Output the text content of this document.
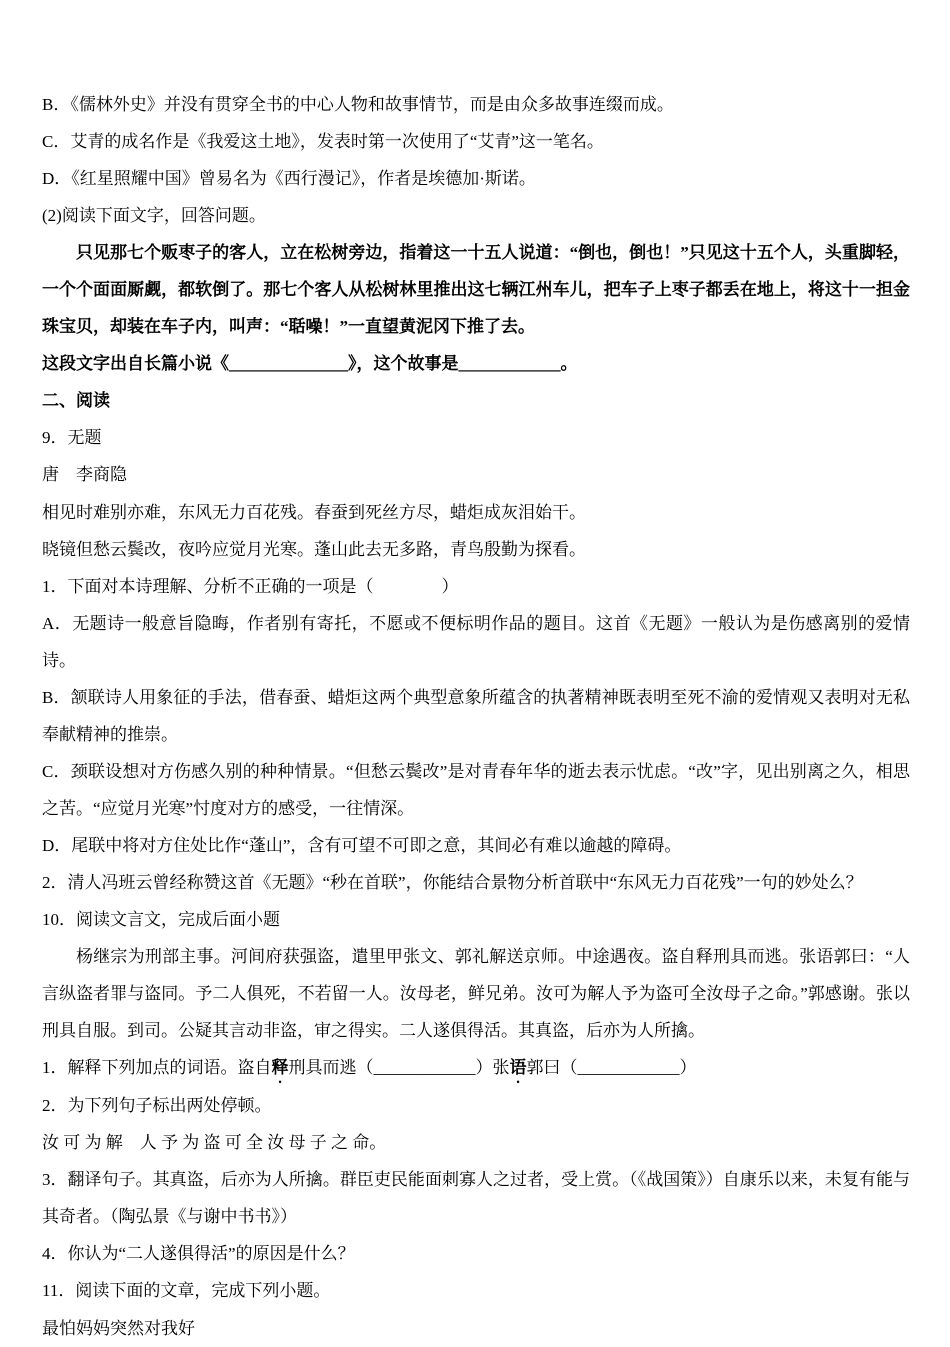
B．《儒林外史》并没有贯穿全书的中心人物和故事情节，而是由众多故事连缀而成。

C．艾青的成名作是《我爱这土地》，发表时第一次使用了“艾青”这一笔名。

D．《红星照耀中国》曾易名为《西行漫记》，作者是埃德加·斯诺。

(2)阅读下面文字，回答问题。

只见那七个贩枣子的客人，立在松树旁边，指着这一十五人说道：“倒也，倒也！”只见这十五个人，头重脚轻，一个个面面厮觑，都软倒了。那七个客人从松树林里推出这七辆江州车儿，把车子上枣子都丢在地上，将这十一担金珠宝贝，却装在车子内，叫声：“聒噪！”一直望黄泥冈下推了去。

这段文字出自长篇小说《______________》，这个故事是____________。

二、阅读

9．无题

唐　李商隐

相见时难别亦难，东风无力百花残。春蚕到死丝方尽，蜡炬成灰泪始干。

晓镜但愁云鬓改，夜吟应觉月光寒。蓬山此去无多路，青鸟殷勤为探看。

1．下面对本诗理解、分析不正确的一项是（　　　　）

A．无题诗一般意旨隐晦，作者别有寄托，不愿或不便标明作品的题目。这首《无题》一般认为是伤感离别的爱情诗。

B．颔联诗人用象征的手法，借春蚕、蜡炬这两个典型意象所蕴含的执著精神既表明至死不渝的爱情观又表明对无私奉献精神的推崇。

C．颈联设想对方伤感久别的种种情景。“但愁云鬓改”是对青春年华的逝去表示忧虑。“改”字，见出别离之久，相思之苦。“应觉月光寒”忖度对方的感受，一往情深。

D．尾联中将对方住处比作“蓬山”，含有可望不可即之意，其间必有难以逾越的障碍。

2．清人冯班云曾经称赞这首《无题》“秒在首联”，你能结合景物分析首联中“东风无力百花残”一句的妙处么？

10．阅读文言文，完成后面小题

杨继宗为刑部主事。河间府获强盗，遣里甲张文、郭礼解送京师。中途遇夜。盗自释刑具而逃。张语郭曰：“人言纵盗者罪与盗同。予二人俱死，不若留一人。汝母老，鲜兄弟。汝可为解人予为盗可全汝母子之命。”郭感谢。张以刑具自服。到司。公疑其言动非盗，审之得实。二人遂俱得活。其真盗，后亦为人所擒。

1．解释下列加点的词语。盗自释刑具而逃（____________）张语郭曰（____________）

2．为下列句子标出两处停顿。

汝 可 为 解　人 予 为 盗 可 全 汝 母 子 之 命。

3．翻译句子。其真盗，后亦为人所擒。群臣吏民能面刺寡人之过者，受上赏。（《战国策》）自康乐以来，未复有能与其奇者。（陶弘景《与谢中书书》）

4．你认为“二人遂俱得活”的原因是什么？

11．阅读下面的文章，完成下列小题。

最怕妈妈突然对我好
